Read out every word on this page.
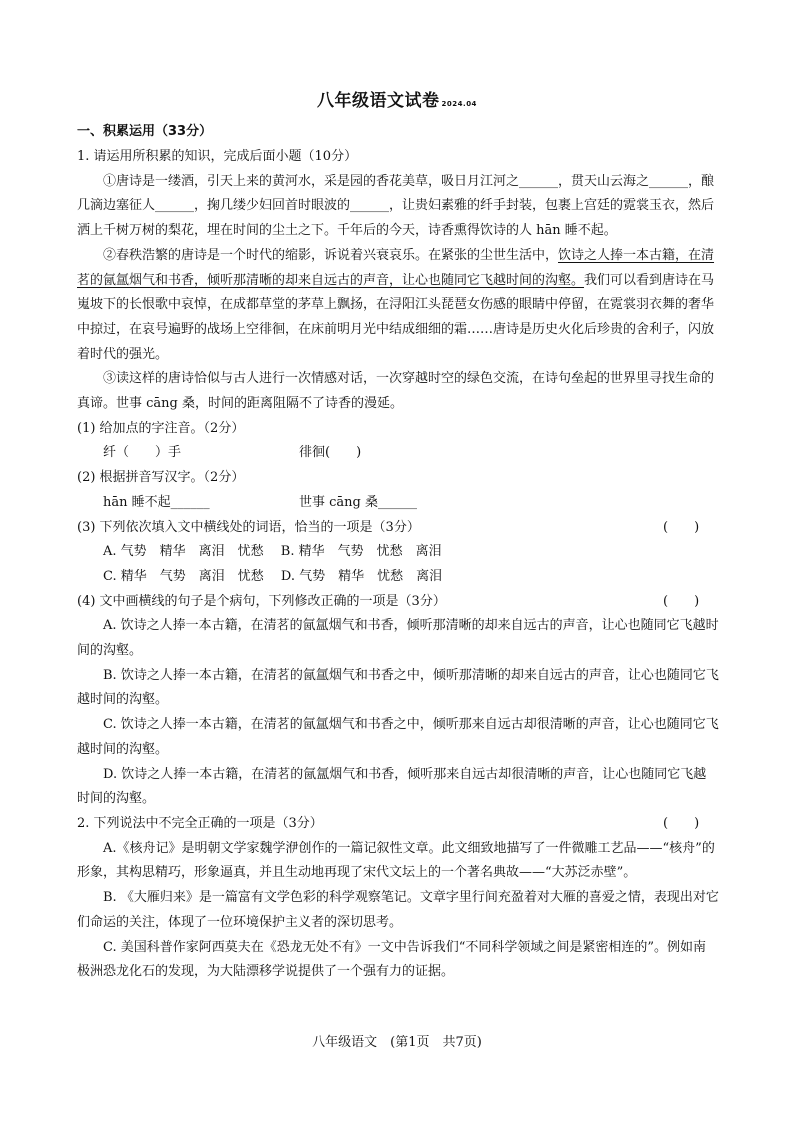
八年级语文试卷 2024.04
一、积累运用（33分）

1. 请运用所积累的知识，完成后面小题（10分）

①唐诗是一缕酒，引天上来的黄河水，采是园的香花美草，吸日月江河之______，贯天山云海之______，酿几滴边塞征人______，掬几缕少妇回首时眼波的______，让贵妇素雅的纤手封装，包裹上宫廷的霓裳玉衣，然后洒上千树万树的梨花，埋在时间的尘土之下。千年后的今天，诗香熏得饮诗的人 hān 睡不起。

②春秩浩繁的唐诗是一个时代的缩影，诉说着兴衰哀乐。在紧张的尘世生活中，饮诗之人捧一本古籍，在清茗的氤氲烟气和书香，倾听那清晰的却来自远古的声音，让心也随同它飞越时间的沟壑。我们可以看到唐诗在马嵬坡下的长恨歌中哀悼，在成都草堂的茅草上飘扬，在浔阳江头琵琶女伤感的眼睛中停留，在霓裳羽衣舞的奢华中掠过，在哀号遍野的战场上空徘徊，在床前明月光中结成细细的霜……唐诗是历史火化后珍贵的舍利子，闪放着时代的强光。

③读这样的唐诗恰似与古人进行一次情感对话，一次穿越时空的绿色交流，在诗句垒起的世界里寻找生命的真谛。世事 cāng 桑，时间的距离阻隔不了诗香的漫延。

(1) 给加点的字注音。（2分）

纤（　　）手	徘徊(　　)

(2) 根据拼音写汉字。（2分）

hān 睡不起______	世事 cāng 桑______
(3) 下列依次填入文中横线处的词语，恰当的一项是（3分）	(　　)

A. 气势　精华　离泪　忧愁　 B. 精华　气势　忧愁　离泪

C. 精华　气势　离泪　忧愁　 D. 气势　精华　忧愁　离泪

(4) 文中画横线的句子是个病句，下列修改正确的一项是（3分）	(　　)

A. 饮诗之人捧一本古籍，在清茗的氤氲烟气和书香，倾听那清晰的却来自远古的声音，让心也随同它飞越时间的沟壑。

B. 饮诗之人捧一本古籍，在清茗的氤氲烟气和书香之中，倾听那清晰的却来自远古的声音，让心也随同它飞越时间的沟壑。

C. 饮诗之人捧一本古籍，在清茗的氤氲烟气和书香之中，倾听那来自远古却很清晰的声音，让心也随同它飞越时间的沟壑。

D. 饮诗之人捧一本古籍，在清茗的氤氲烟气和书香，倾听那来自远古却很清晰的声音，让心也随同它飞越时间的沟壑。

2. 下列说法中不完全正确的一项是（3分）	(　　)

A.《核舟记》是明朝文学家魏学洢创作的一篇记叙性文章。此文细致地描写了一件微雕工艺品——“核舟”的形象，其构思精巧，形象逼真，并且生动地再现了宋代文坛上的一个著名典故——“大苏泛赤壁”。

B. 《大雁归来》是一篇富有文学色彩的科学观察笔记。文章字里行间充盈着对大雁的喜爱之情，表现出对它们命运的关注，体现了一位环境保护主义者的深切思考。

C. 美国科普作家阿西莫夫在《恐龙无处不有》一文中告诉我们“不同科学领域之间是紧密相连的”。例如南极洲恐龙化石的发现，为大陆漂移学说提供了一个强有力的证据。

八年级语文　(第1页　共7页)
